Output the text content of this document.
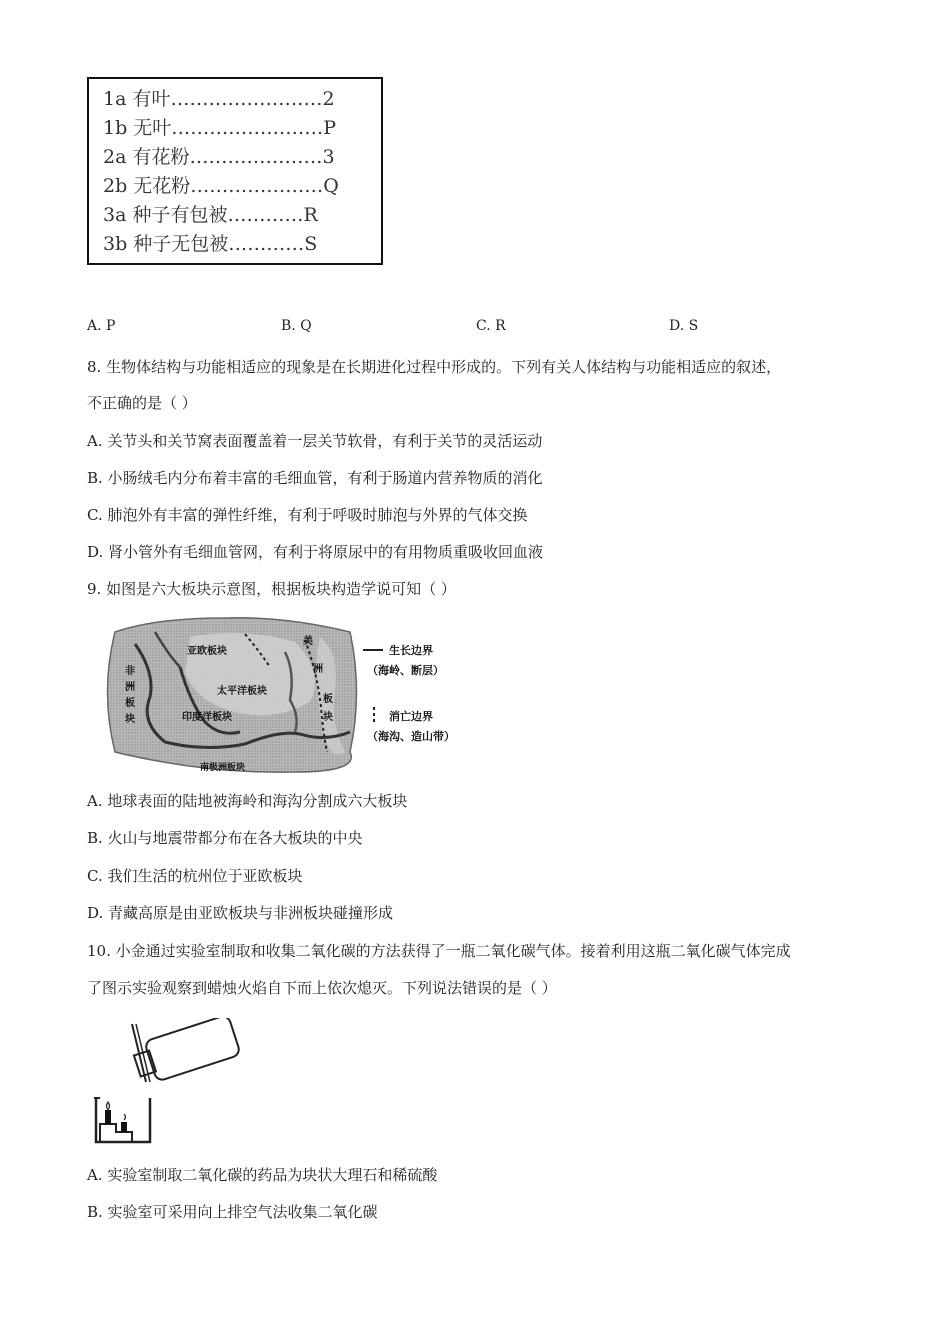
1a 有叶……………………2
1b 无叶……………………P
2a 有花粉…………………3
2b 无花粉…………………Q
3a 种子有包被…………R
3b 种子无包被…………S
A. P	B. Q	C. R	D. S
8. 生物体结构与功能相适应的现象是在长期进化过程中形成的。下列有关人体结构与功能相适应的叙述，
不正确的是（ ）
A. 关节头和关节窝表面覆盖着一层关节软骨，有利于关节的灵活运动
B. 小肠绒毛内分布着丰富的毛细血管，有利于肠道内营养物质的消化
C. 肺泡外有丰富的弹性纤维，有利于呼吸时肺泡与外界的气体交换
D. 肾小管外有毛细血管网，有利于将原尿中的有用物质重吸收回血液
9. 如图是六大板块示意图，根据板块构造学说可知（ ）
亚欧板块
太平洋板块
印度洋板块
南极洲板块
非
洲
板
块
美
洲
板
块
生长边界
（海岭、断层）
消亡边界
（海沟、造山带）
A. 地球表面的陆地被海岭和海沟分割成六大板块
B. 火山与地震带都分布在各大板块的中央
C. 我们生活的杭州位于亚欧板块
D. 青藏高原是由亚欧板块与非洲板块碰撞形成
10. 小金通过实验室制取和收集二氧化碳的方法获得了一瓶二氧化碳气体。接着利用这瓶二氧化碳气体完成
了图示实验观察到蜡烛火焰自下而上依次熄灭。下列说法错误的是（ ）
A. 实验室制取二氧化碳的药品为块状大理石和稀硫酸
B. 实验室可采用向上排空气法收集二氧化碳
